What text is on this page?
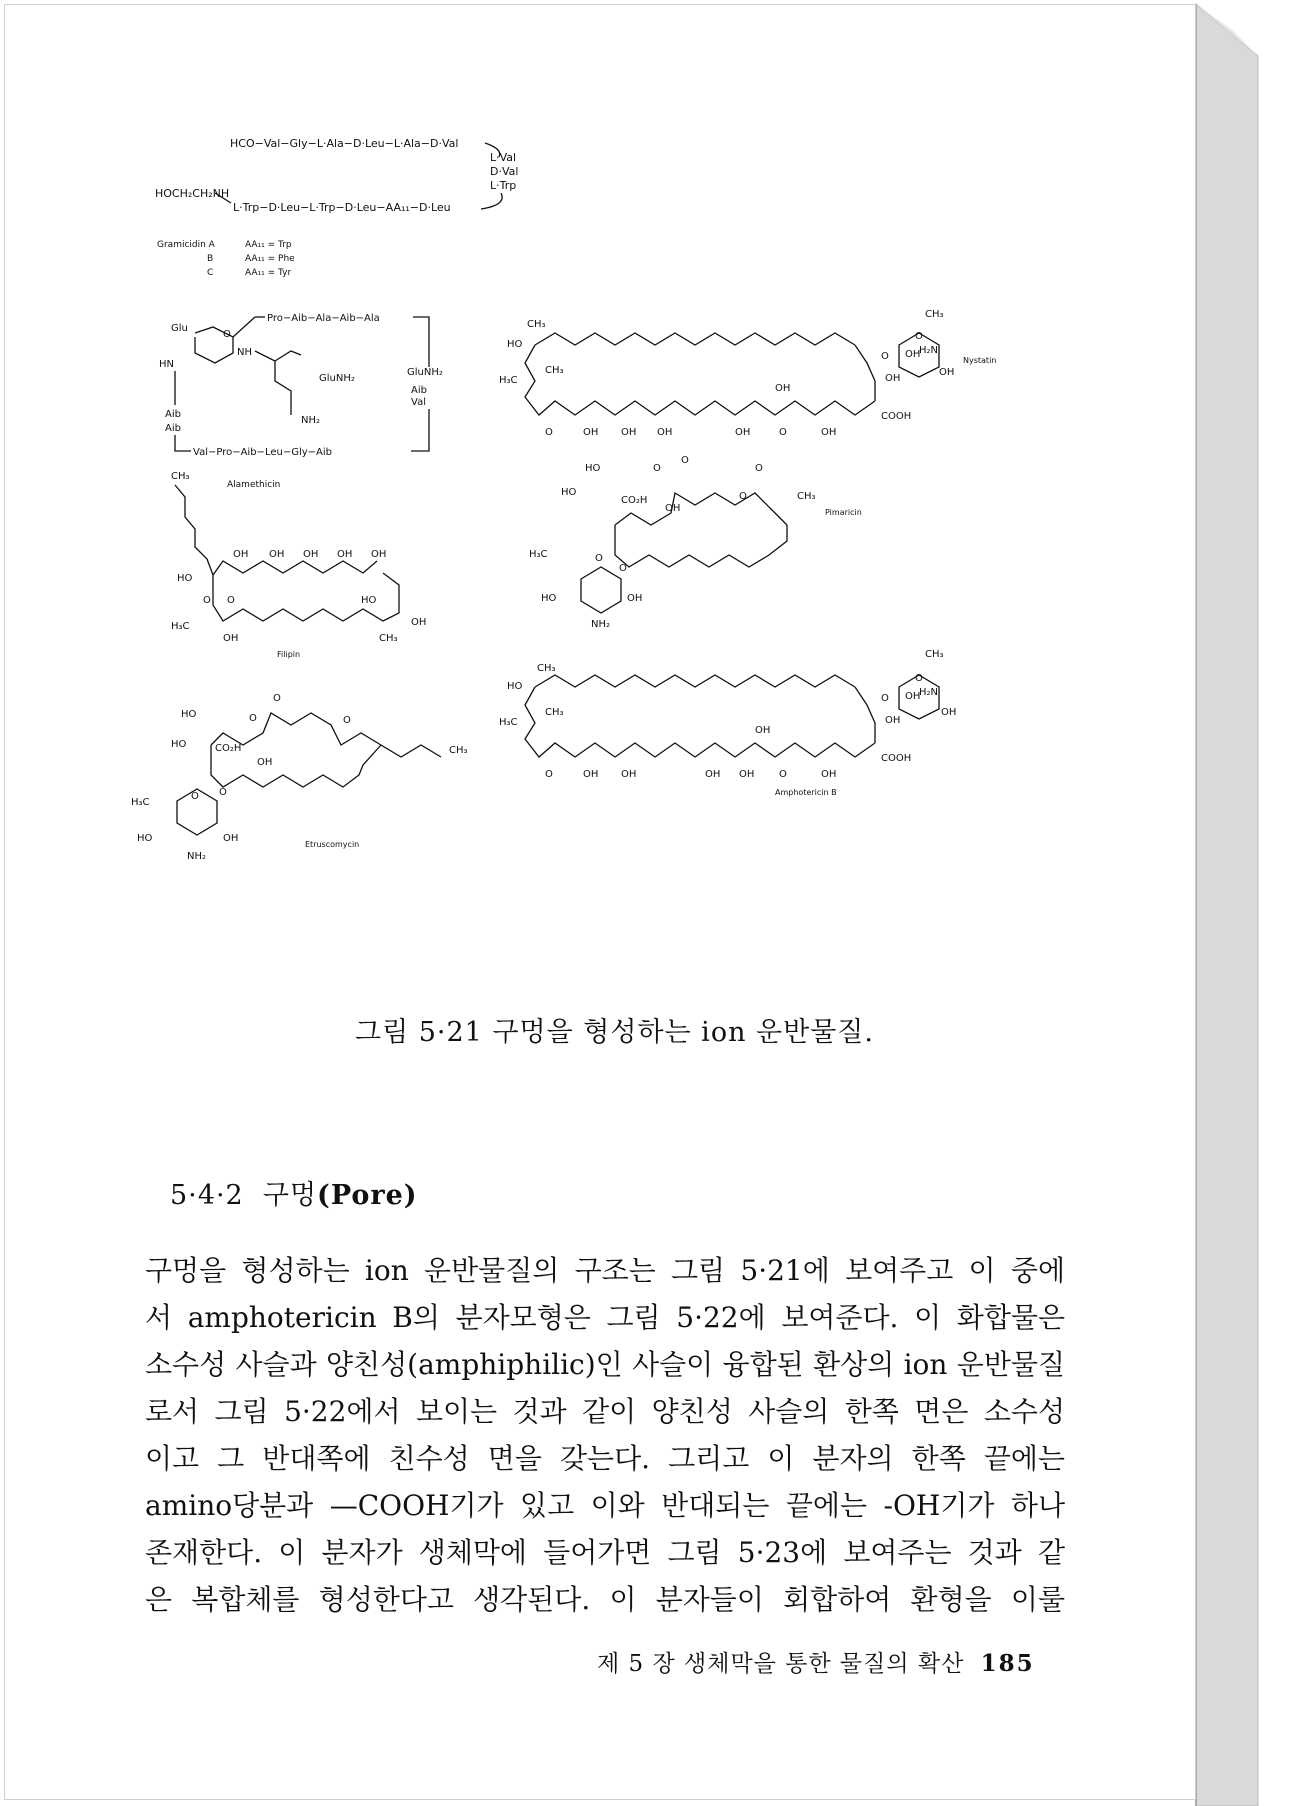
HCO−Val−Gly−L·Ala−D·Leu−L·Ala−D·Val
HOCH₂CH₂NH
L·Trp−D·Leu−L·Trp−D·Leu−AA₁₁−D·Leu
L·Val
D·Val
L·Trp
Gramicidin A	AA₁₁ = Trp
B	AA₁₁ = Phe
C	AA₁₁ = Tyr
Pro−Aib−Ala−Aib−Ala
Glu
HN
NH
O
GluNH₂
GluNH₂
NH₂
Aib
Aib
Aib
Val
Val−Pro−Aib−Leu−Gly−Aib
Alamethicin
CH₃
CH₃
HO
H₃C
CH₃
OH
OH
H₂N
OH
OH
COOH
O	OH OH OH	OH	O	OH
O
O
Nystatin
HO
HO
CO₂H
OH
O
O
O
CH₃
H₃C	O
O
HO	OH
NH₂
O
Pimaricin
CH₃
OH OH OH OH OH
HO
O O	HO
H₃C	OH
OH	CH₃
Filipin	CH₃
CH₃
HO
H₃C
CH₃
OH
H₂N
OH
OH
OH
COOH
O	OH OH	OH OH O	OH
O
O
Amphotericin B
HO	O
HO	CO₂H
O
O
OH
CH₃
H₃C
O O
HO	OH
NH₂
Etruscomycin
그림 5·21 구멍을 형성하는 ion 운반물질.
5·4·2 구멍(Pore)
구멍을 형성하는 ion 운반물질의 구조는 그림 5·21에 보여주고 이 중에
서 amphotericin B의 분자모형은 그림 5·22에 보여준다. 이 화합물은
소수성 사슬과 양친성(amphiphilic)인 사슬이 융합된 환상의 ion 운반물질
로서 그림 5·22에서 보이는 것과 같이 양친성 사슬의 한쪽 면은 소수성
이고 그 반대쪽에 친수성 면을 갖는다. 그리고 이 분자의 한쪽 끝에는
amino당분과 —COOH기가 있고 이와 반대되는 끝에는 -OH기가 하나
존재한다. 이 분자가 생체막에 들어가면 그림 5·23에 보여주는 것과 같
은 복합체를 형성한다고 생각된다. 이 분자들이 회합하여 환형을 이룰
제 5 장 생체막을 통한 물질의 확산 185
